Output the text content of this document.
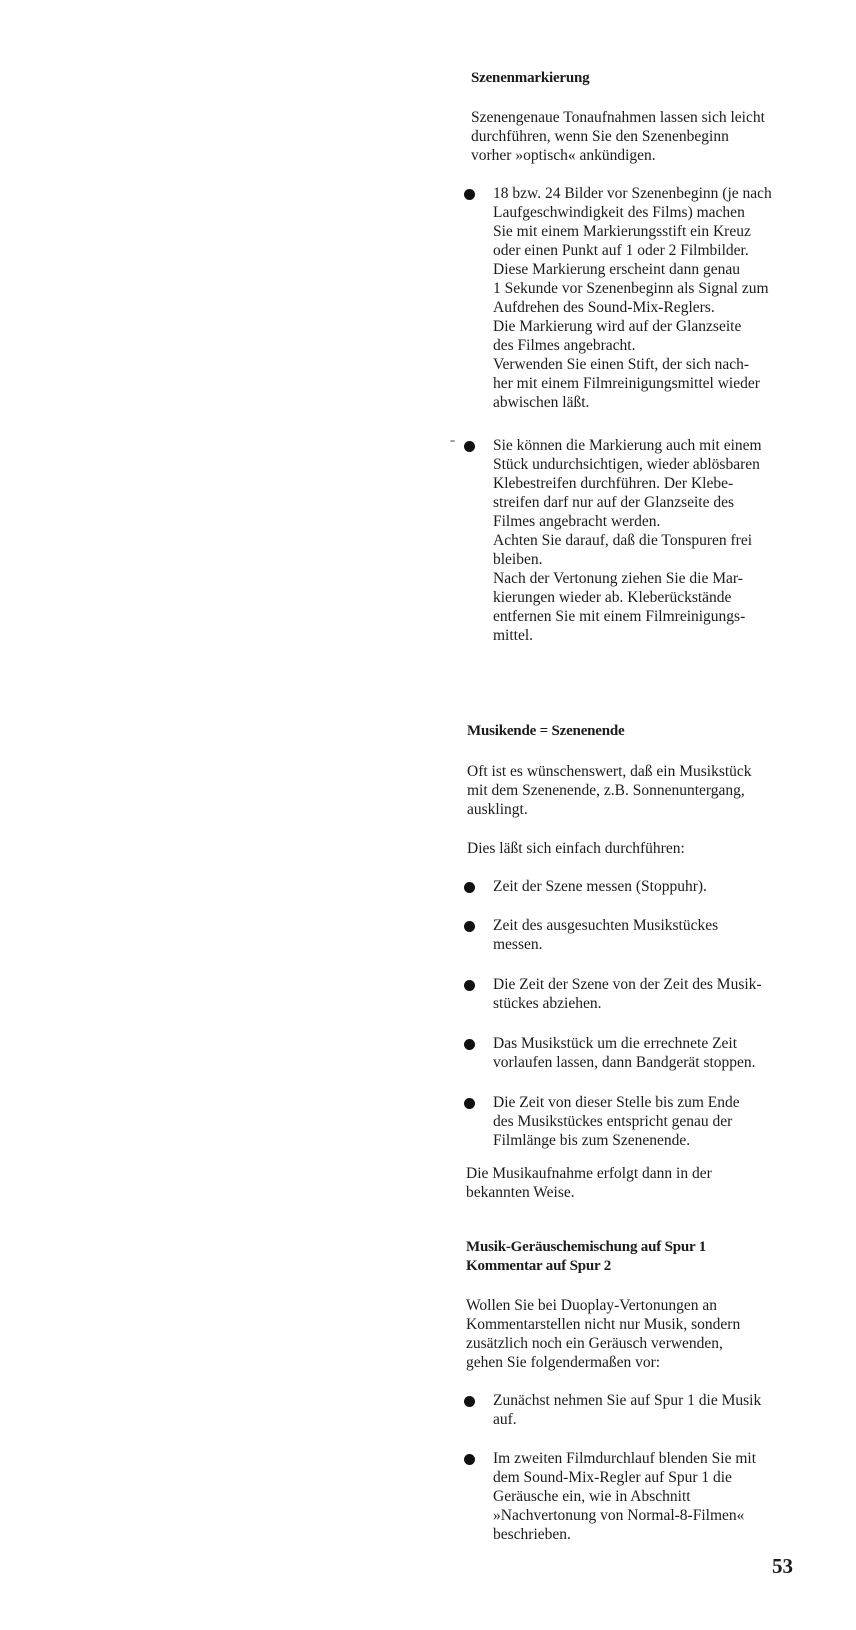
Szenenmarkierung

Szenengenaue Tonaufnahmen lassen sich leicht
durchführen, wenn Sie den Szenenbeginn
vorher »optisch« ankündigen.

18 bzw. 24 Bilder vor Szenenbeginn (je nach
Laufgeschwindigkeit des Films) machen
Sie mit einem Markierungsstift ein Kreuz
oder einen Punkt auf 1 oder 2 Filmbilder.
Diese Markierung erscheint dann genau
1 Sekunde vor Szenenbeginn als Signal zum
Aufdrehen des Sound-Mix-Reglers.
Die Markierung wird auf der Glanzseite
des Filmes angebracht.
Verwenden Sie einen Stift, der sich nach-
her mit einem Filmreinigungsmittel wieder
abwischen läßt.
Sie können die Markierung auch mit einem
Stück undurchsichtigen, wieder ablösbaren
Klebestreifen durchführen. Der Klebe-
streifen darf nur auf der Glanzseite des
Filmes angebracht werden.
Achten Sie darauf, daß die Tonspuren frei
bleiben.
Nach der Vertonung ziehen Sie die Mar-
kierungen wieder ab. Kleberückstände
entfernen Sie mit einem Filmreinigungs-
mittel.
Musikende = Szenenende

Oft ist es wünschenswert, daß ein Musikstück
mit dem Szenenende, z.B. Sonnenuntergang,
ausklingt.

Dies läßt sich einfach durchführen:

Zeit der Szene messen (Stoppuhr).
Zeit des ausgesuchten Musikstückes
messen.
Die Zeit der Szene von der Zeit des Musik-
stückes abziehen.
Das Musikstück um die errechnete Zeit
vorlaufen lassen, dann Bandgerät stoppen.
Die Zeit von dieser Stelle bis zum Ende
des Musikstückes entspricht genau der
Filmlänge bis zum Szenenende.

Die Musikaufnahme erfolgt dann in der
bekannten Weise.

Musik-Geräuschemischung auf Spur 1
Kommentar auf Spur 2

Wollen Sie bei Duoplay-Vertonungen an
Kommentarstellen nicht nur Musik, sondern
zusätzlich noch ein Geräusch verwenden,
gehen Sie folgendermaßen vor:

Zunächst nehmen Sie auf Spur 1 die Musik
auf.
Im zweiten Filmdurchlauf blenden Sie mit
dem Sound-Mix-Regler auf Spur 1 die
Geräusche ein, wie in Abschnitt
»Nachvertonung von Normal-8-Filmen«
beschrieben.
53
